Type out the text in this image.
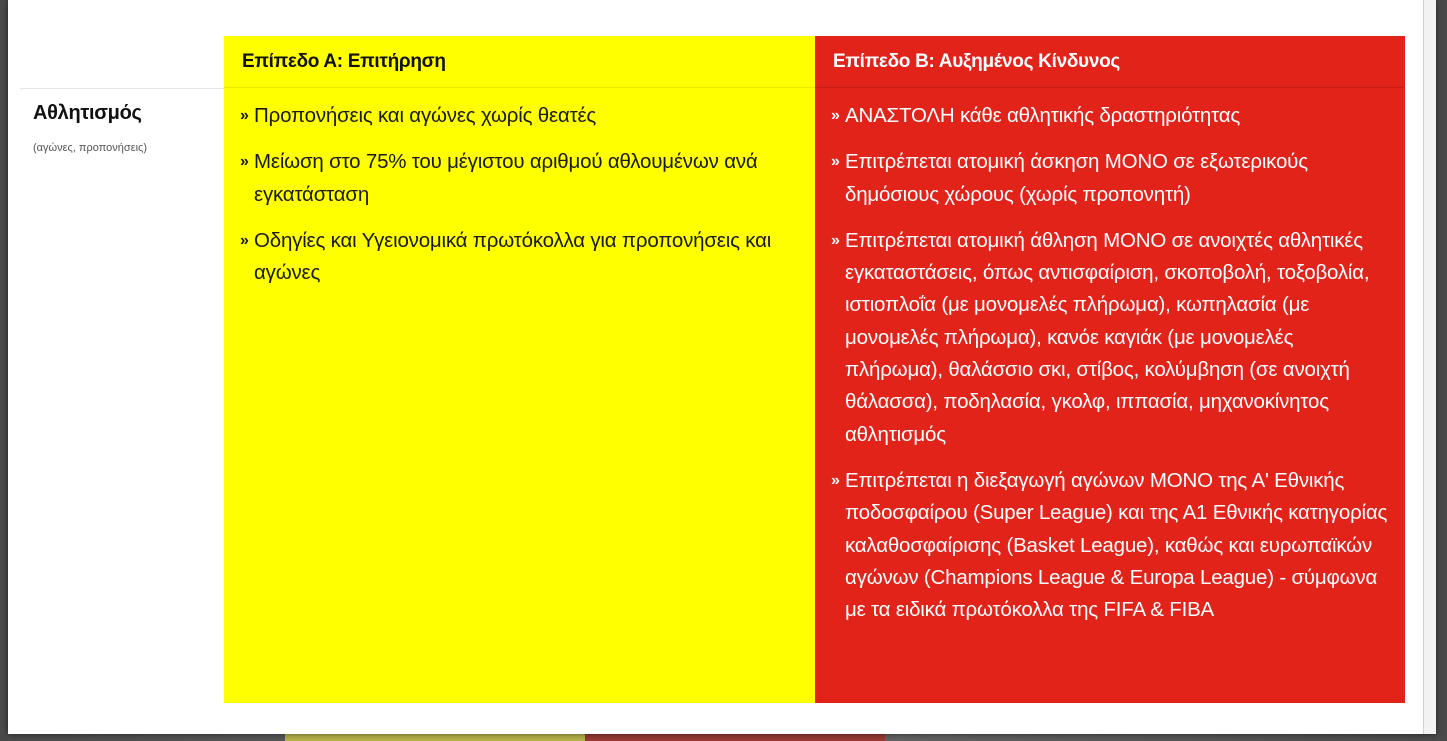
Αθλητισμός
(αγώνες, προπονήσεις)
Επίπεδο Α: Επιτήρηση
» Προπονήσεις και αγώνες χωρίς θεατές
» Μείωση στο 75% του μέγιστου αριθμού αθλουμένων ανά εγκατάσταση
» Οδηγίες και Υγειονομικά πρωτόκολλα για προπονήσεις και αγώνες
Επίπεδο Β: Αυξημένος Κίνδυνος
» ΑΝΑΣΤΟΛΗ κάθε αθλητικής δραστηριότητας
» Επιτρέπεται ατομική άσκηση ΜΟΝΟ σε εξωτερικούς δημόσιους χώρους (χωρίς προπονητή)
» Επιτρέπεται ατομική άθληση ΜΟΝΟ σε ανοιχτές αθλητικές εγκαταστάσεις, όπως αντισφαίριση, σκοποβολή, τοξοβολία, ιστιοπλοΐα (με μονομελές πλήρωμα), κωπηλασία (με μονομελές πλήρωμα), κανόε καγιάκ (με μονομελές πλήρωμα), θαλάσσιο σκι, στίβος, κολύμβηση (σε ανοιχτή θάλασσα), ποδηλασία, γκολφ, ιππασία, μηχανοκίνητος αθλητισμός
» Επιτρέπεται η διεξαγωγή αγώνων ΜΟΝΟ της Α' Εθνικής ποδοσφαίρου (Super League) και της Α1 Εθνικής κατηγορίας καλαθοσφαίρισης (Basket League), καθώς και ευρωπαϊκών αγώνων (Champions League & Europa League) - σύμφωνα με τα ειδικά πρωτόκολλα της FIFA & FIBA
